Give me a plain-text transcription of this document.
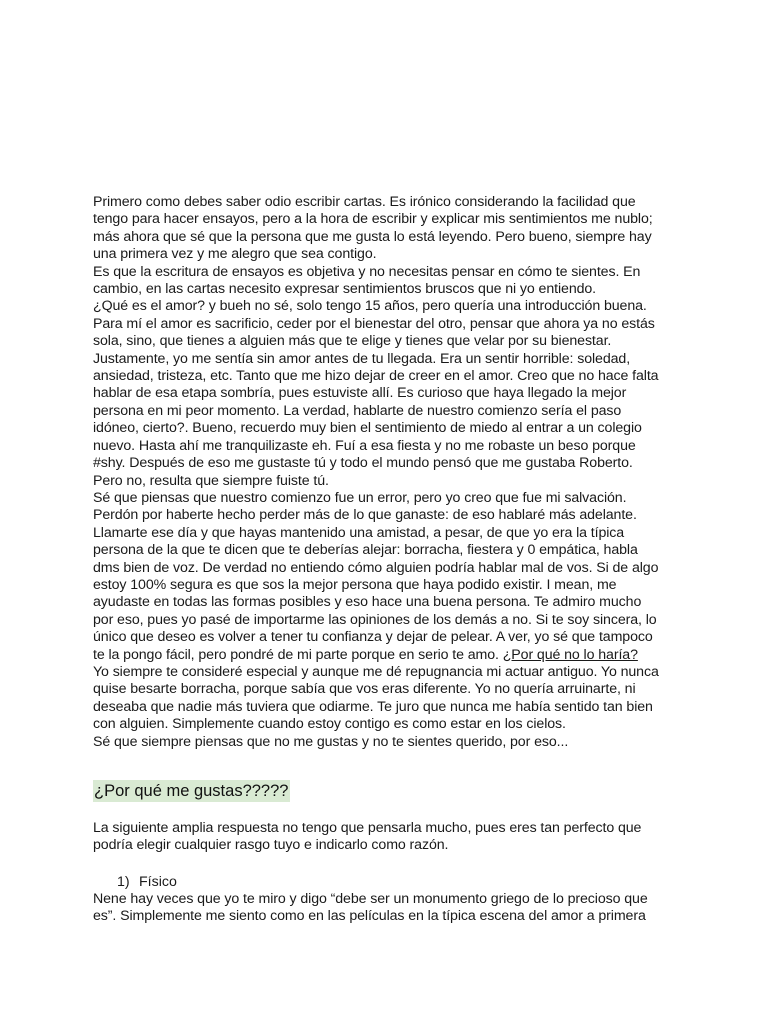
Primero como debes saber odio escribir cartas. Es irónico considerando la facilidad que

tengo para hacer ensayos, pero a la hora de escribir y explicar mis sentimientos me nublo;

más ahora que sé que la persona que me gusta lo está leyendo. Pero bueno, siempre hay

una primera vez y me alegro que sea contigo.

Es que la escritura de ensayos es objetiva y no necesitas pensar en cómo te sientes. En

cambio, en las cartas necesito expresar sentimientos bruscos que ni yo entiendo.

¿Qué es el amor? y bueh no sé, solo tengo 15 años, pero quería una introducción buena.

Para mí el amor es sacrificio, ceder por el bienestar del otro, pensar que ahora ya no estás

sola, sino, que tienes a alguien más que te elige y tienes que velar por su bienestar.

Justamente, yo me sentía sin amor antes de tu llegada. Era un sentir horrible: soledad,

ansiedad, tristeza, etc. Tanto que me hizo dejar de creer en el amor. Creo que no hace falta

hablar de esa etapa sombría, pues estuviste allí. Es curioso que haya llegado la mejor

persona en mi peor momento. La verdad, hablarte de nuestro comienzo sería el paso

idóneo, cierto?. Bueno, recuerdo muy bien el sentimiento de miedo al entrar a un colegio

nuevo. Hasta ahí me tranquilizaste eh. Fuí a esa fiesta y no me robaste un beso porque

#shy. Después de eso me gustaste tú y todo el mundo pensó que me gustaba Roberto.

Pero no, resulta que siempre fuiste tú.

Sé que piensas que nuestro comienzo fue un error, pero yo creo que fue mi salvación.

Perdón por haberte hecho perder más de lo que ganaste: de eso hablaré más adelante.

Llamarte ese día y que hayas mantenido una amistad, a pesar, de que yo era la típica

persona de la que te dicen que te deberías alejar: borracha, fiestera y 0 empática, habla

dms bien de voz. De verdad no entiendo cómo alguien podría hablar mal de vos. Si de algo

estoy 100% segura es que sos la mejor persona que haya podido existir. I mean, me

ayudaste en todas las formas posibles y eso hace una buena persona. Te admiro mucho

por eso, pues yo pasé de importarme las opiniones de los demás a no. Si te soy sincera, lo

único que deseo es volver a tener tu confianza y dejar de pelear. A ver, yo sé que tampoco

te la pongo fácil, pero pondré de mi parte porque en serio te amo. ¿Por qué no lo haría?

Yo siempre te consideré especial y aunque me dé repugnancia mi actuar antiguo. Yo nunca

quise besarte borracha, porque sabía que vos eras diferente. Yo no quería arruinarte, ni

deseaba que nadie más tuviera que odiarme. Te juro que nunca me había sentido tan bien

con alguien. Simplemente cuando estoy contigo es como estar en los cielos.

Sé que siempre piensas que no me gustas y no te sientes querido, por eso...

¿Por qué me gustas?????

La siguiente amplia respuesta no tengo que pensarla mucho, pues eres tan perfecto que

podría elegir cualquier rasgo tuyo e indicarlo como razón.

1) Físico

Nene hay veces que yo te miro y digo “debe ser un monumento griego de lo precioso que

es”. Simplemente me siento como en las películas en la típica escena del amor a primera
